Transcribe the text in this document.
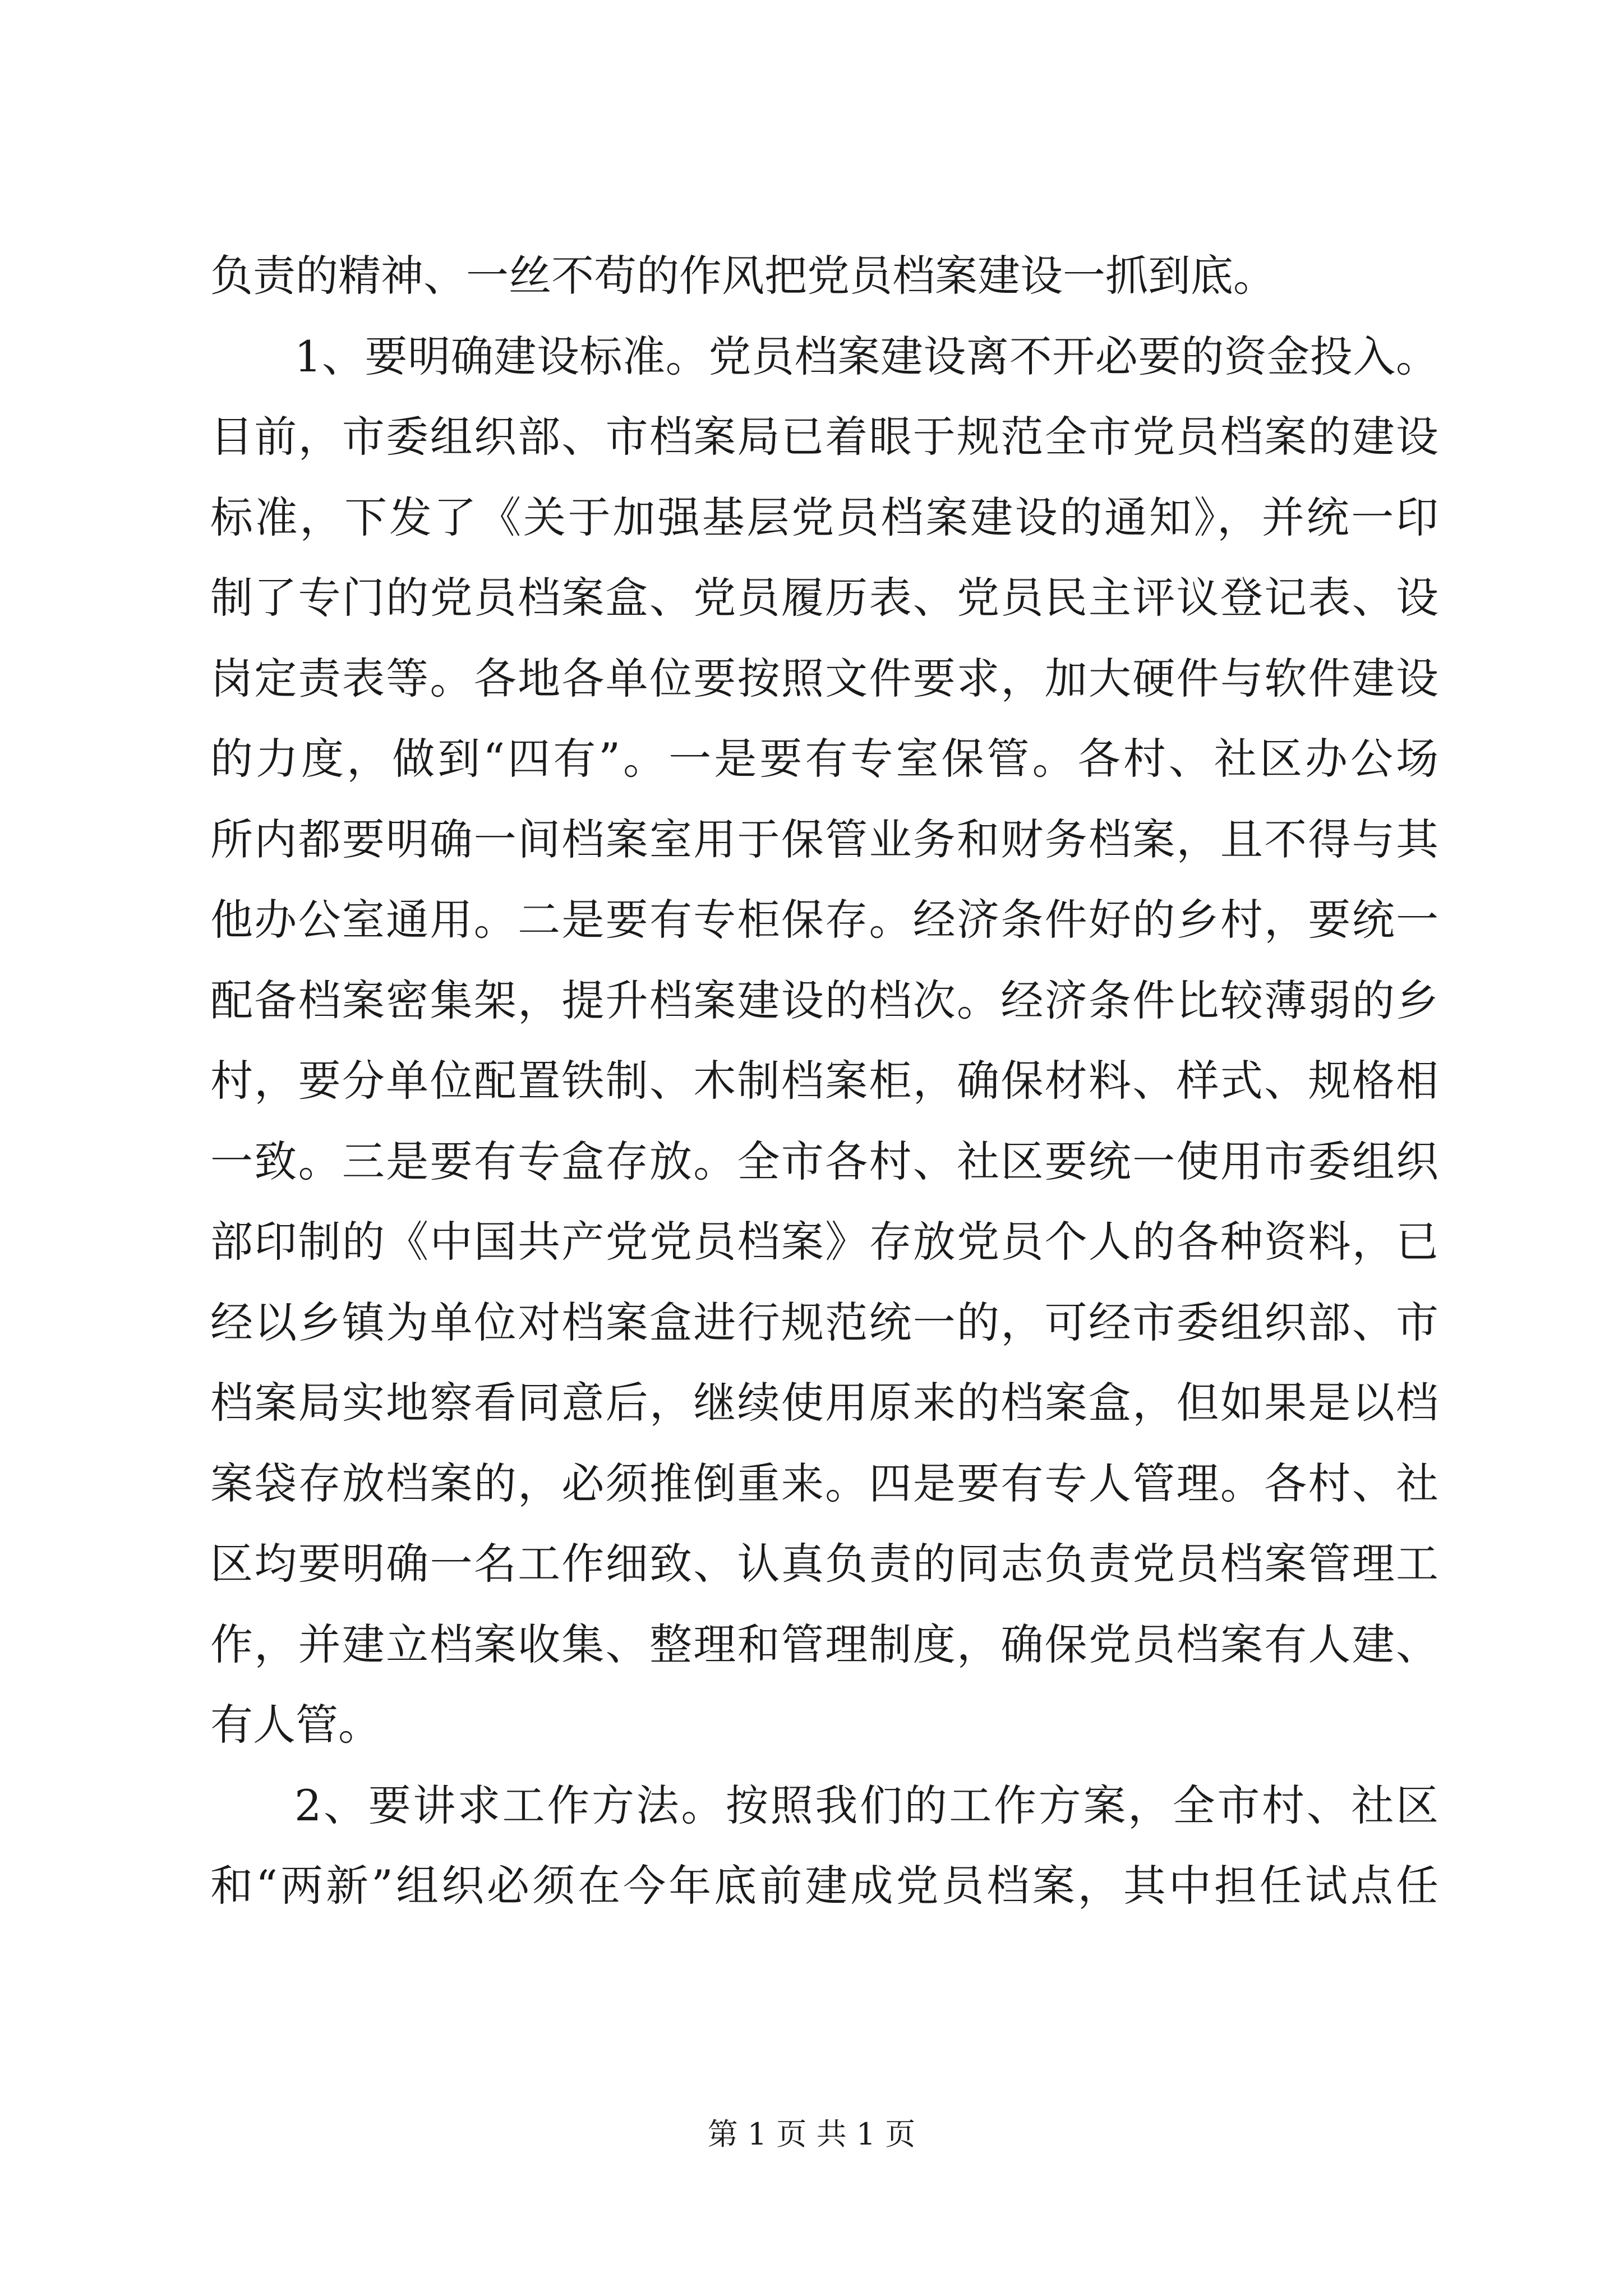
负责的精神、一丝不苟的作风把党员档案建设一抓到底。
1、要明确建设标准。党员档案建设离不开必要的资金投入。
目前，市委组织部、市档案局已着眼于规范全市党员档案的建设
标准，下发了《关于加强基层党员档案建设的通知》，并统一印
制了专门的党员档案盒、党员履历表、党员民主评议登记表、设
岗定责表等。各地各单位要按照文件要求，加大硬件与软件建设
的力度，做到“四有”。一是要有专室保管。各村、社区办公场
所内都要明确一间档案室用于保管业务和财务档案，且不得与其
他办公室通用。二是要有专柜保存。经济条件好的乡村，要统一
配备档案密集架，提升档案建设的档次。经济条件比较薄弱的乡
村，要分单位配置铁制、木制档案柜，确保材料、样式、规格相
一致。三是要有专盒存放。全市各村、社区要统一使用市委组织
部印制的《中国共产党党员档案》存放党员个人的各种资料，已
经以乡镇为单位对档案盒进行规范统一的，可经市委组织部、市
档案局实地察看同意后，继续使用原来的档案盒，但如果是以档
案袋存放档案的，必须推倒重来。四是要有专人管理。各村、社
区均要明确一名工作细致、认真负责的同志负责党员档案管理工
作，并建立档案收集、整理和管理制度，确保党员档案有人建、
有人管。
2、要讲求工作方法。按照我们的工作方案，全市村、社区
和“两新”组织必须在今年底前建成党员档案，其中担任试点任
第 1 页 共 1 页
